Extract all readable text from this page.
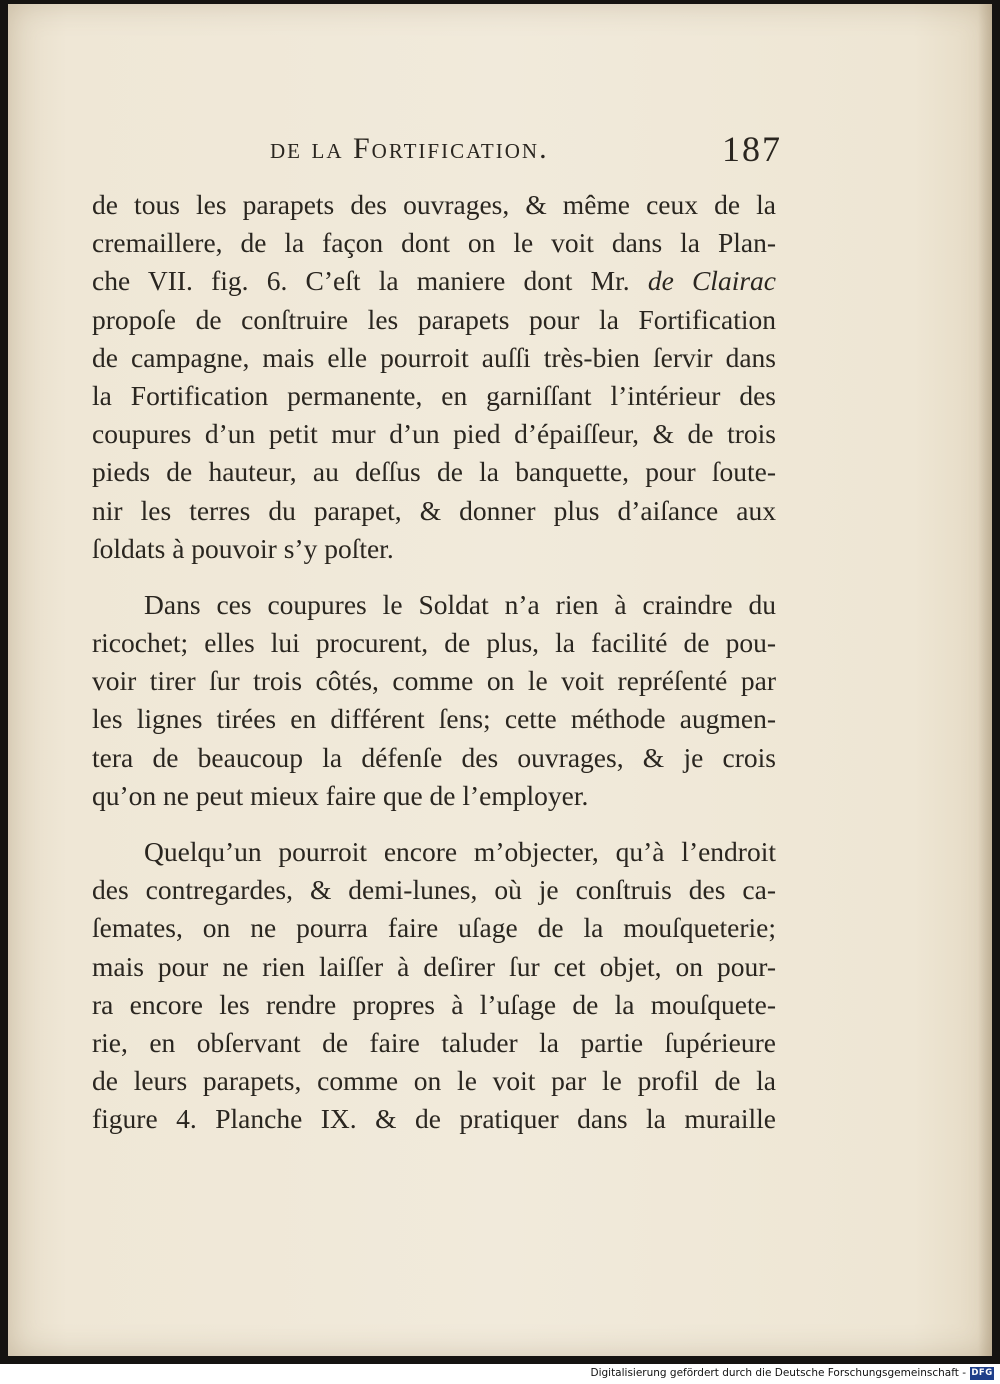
de la Fortification.	187
de tous les parapets des ouvrages, & même ceux de la
cremaillere, de la façon dont on le voit dans la Plan-
che VII. fig. 6. C’eſt la maniere dont Mr. de Clairac
propoſe de conſtruire les parapets pour la Fortification
de campagne, mais elle pourroit auſſi très-bien ſervir dans
la Fortification permanente, en garniſſant l’intérieur des
coupures d’un petit mur d’un pied d’épaiſſeur, & de trois
pieds de hauteur, au deſſus de la banquette, pour ſoute-
nir les terres du parapet, & donner plus d’aiſance aux
ſoldats à pouvoir s’y poſter.
Dans ces coupures le Soldat n’a rien à craindre du
ricochet; elles lui procurent, de plus, la facilité de pou-
voir tirer ſur trois côtés, comme on le voit repréſenté par
les lignes tirées en différent ſens; cette méthode augmen-
tera de beaucoup la défenſe des ouvrages, & je crois
qu’on ne peut mieux faire que de l’employer.
Quelqu’un pourroit encore m’objecter, qu’à l’endroit
des contregardes, & demi-lunes, où je conſtruis des ca-
ſemates, on ne pourra faire uſage de la mouſqueterie;
mais pour ne rien laiſſer à deſirer ſur cet objet, on pour-
ra encore les rendre propres à l’uſage de la mouſquete-
rie, en obſervant de faire taluder la partie ſupérieure
de leurs parapets, comme on le voit par le profil de la
figure 4. Planche IX. & de pratiquer dans la muraille
Digitalisierung gefördert durch die Deutsche Forschungsgemeinschaft - DFG
